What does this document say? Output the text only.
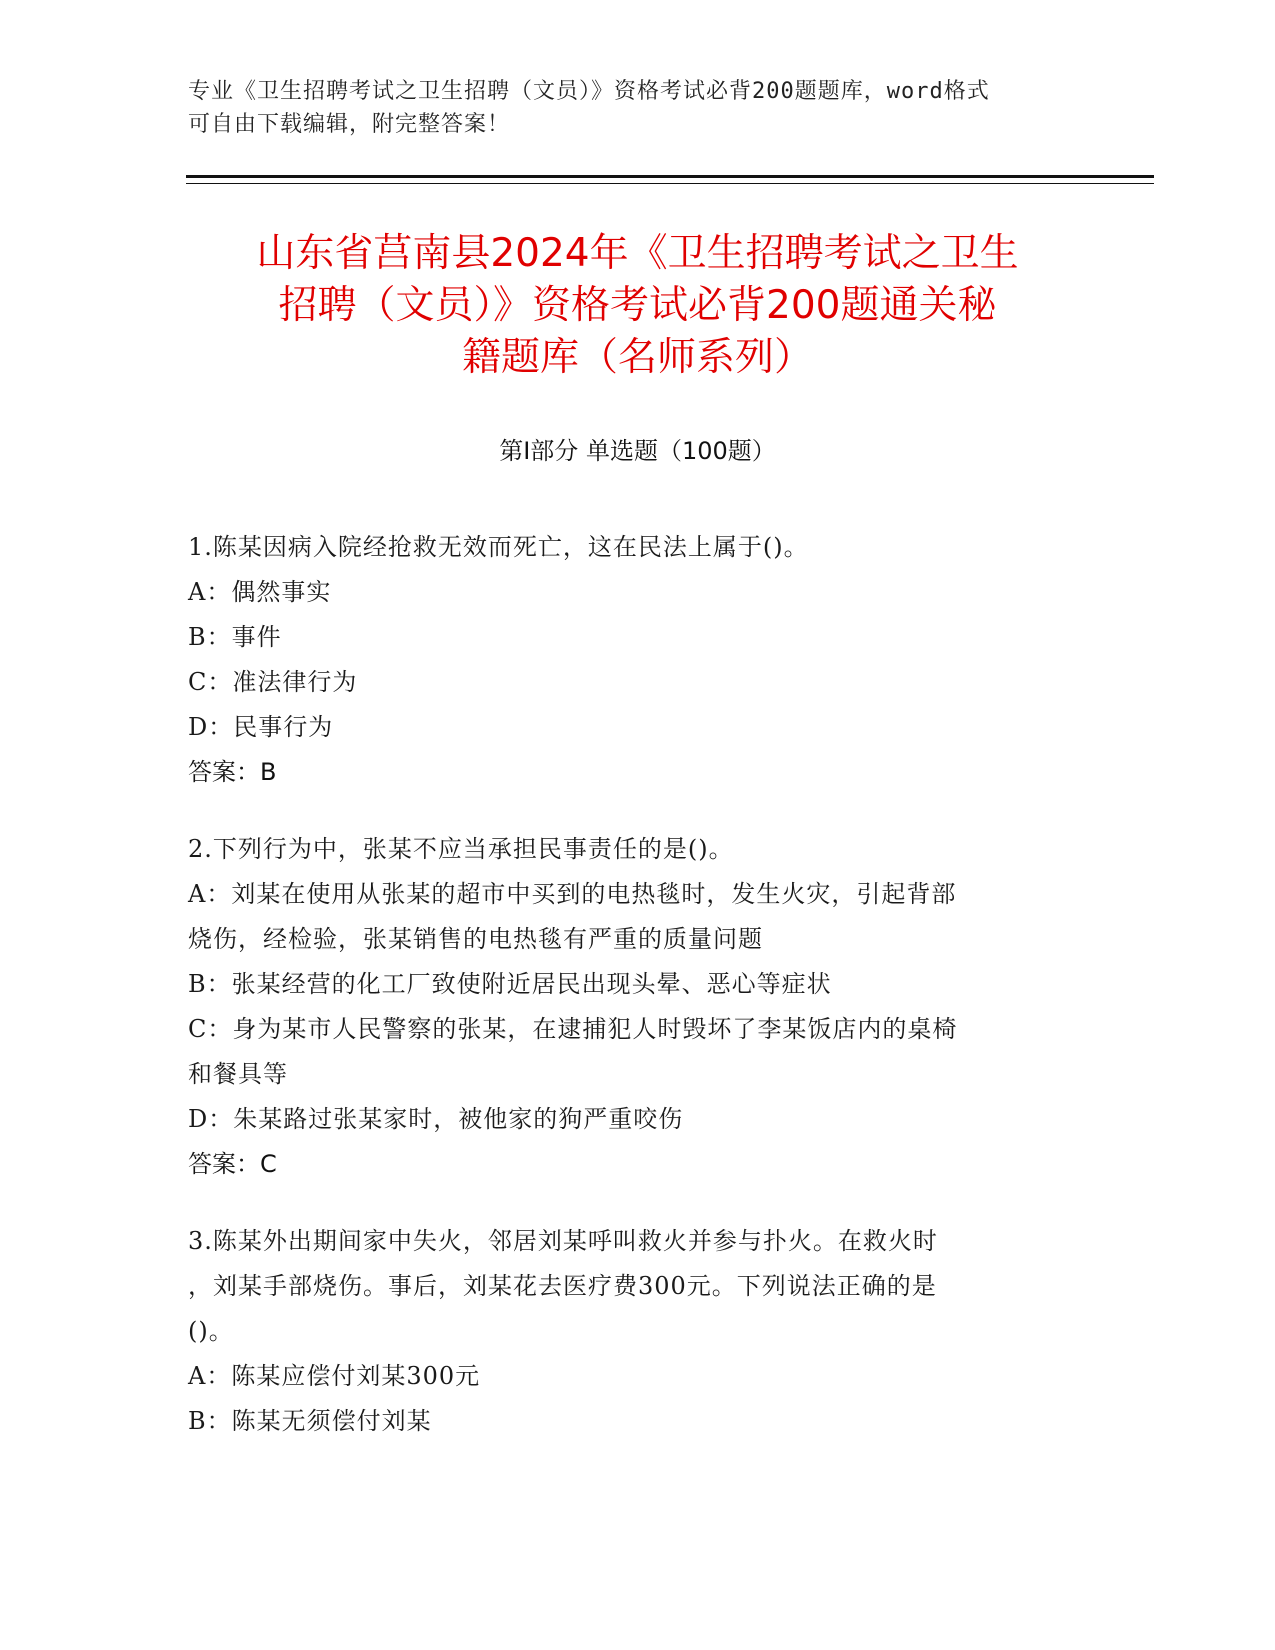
专业《卫生招聘考试之卫生招聘（文员）》资格考试必背200题题库，word格式
可自由下载编辑，附完整答案！
山东省莒南县2024年《卫生招聘考试之卫生
招聘（文员）》资格考试必背200题通关秘
籍题库（名师系列）
第Ⅰ部分 单选题（100题）
1.陈某因病入院经抢救无效而死亡，这在民法上属于()。
A：偶然事实
B：事件
C：准法律行为
D：民事行为
答案：B
2.下列行为中，张某不应当承担民事责任的是()。
A：刘某在使用从张某的超市中买到的电热毯时，发生火灾，引起背部
烧伤，经检验，张某销售的电热毯有严重的质量问题
B：张某经营的化工厂致使附近居民出现头晕、恶心等症状
C：身为某市人民警察的张某，在逮捕犯人时毁坏了李某饭店内的桌椅
和餐具等
D：朱某路过张某家时，被他家的狗严重咬伤
答案：C
3.陈某外出期间家中失火，邻居刘某呼叫救火并参与扑火。在救火时
，刘某手部烧伤。事后，刘某花去医疗费300元。下列说法正确的是
()。
A：陈某应偿付刘某300元
B：陈某无须偿付刘某
